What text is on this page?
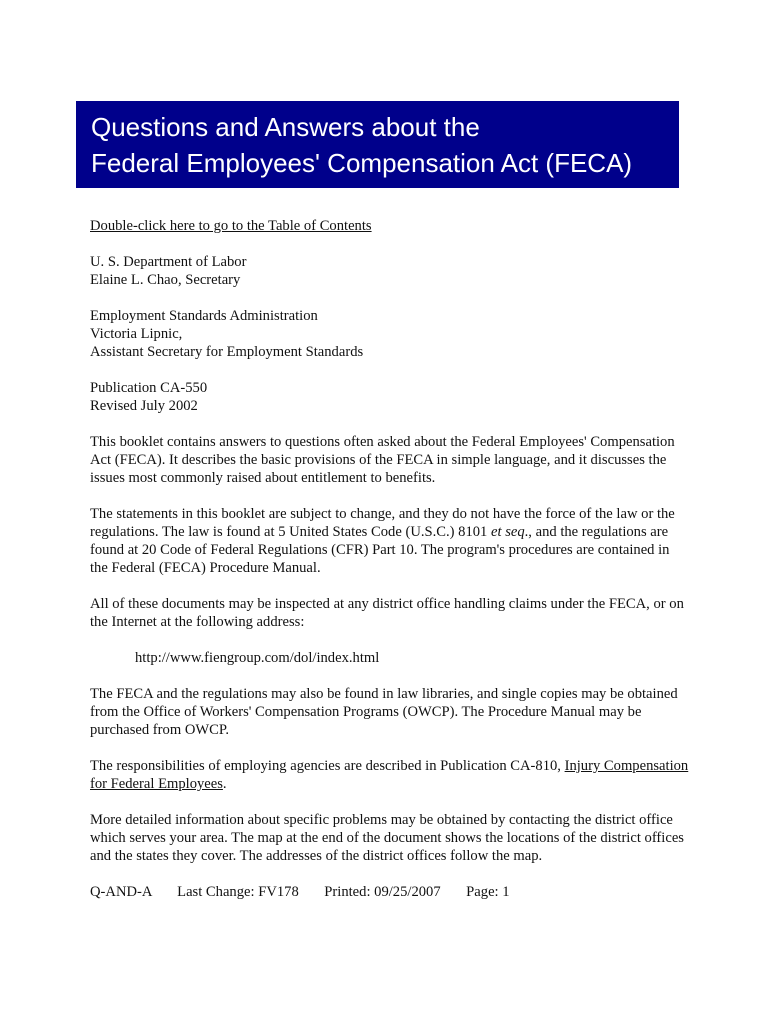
Questions and Answers about the
Federal Employees' Compensation Act (FECA)

Double-click here to go to the Table of Contents

U. S. Department of Labor
Elaine L. Chao, Secretary

Employment Standards Administration
Victoria Lipnic,
Assistant Secretary for Employment Standards

Publication CA-550
Revised July 2002

This booklet contains answers to questions often asked about the Federal Employees' Compensation Act (FECA). It describes the basic provisions of the FECA in simple language, and it discusses the issues most commonly raised about entitlement to benefits.

The statements in this booklet are subject to change, and they do not have the force of the law or the regulations. The law is found at 5 United States Code (U.S.C.) 8101 et seq., and the regulations are found at 20 Code of Federal Regulations (CFR) Part 10. The program's procedures are contained in the Federal (FECA) Procedure Manual.

All of these documents may be inspected at any district office handling claims under the FECA, or on the Internet at the following address:

http://www.fiengroup.com/dol/index.html

The FECA and the regulations may also be found in law libraries, and single copies may be obtained from the Office of Workers' Compensation Programs (OWCP). The Procedure Manual may be purchased from OWCP.

The responsibilities of employing agencies are described in Publication CA-810, Injury Compensation for Federal Employees.

More detailed information about specific problems may be obtained by contacting the district office which serves your area. The map at the end of the document shows the locations of the district offices and the states they cover. The addresses of the district offices follow the map.

Q-AND-A       Last Change: FV178       Printed: 09/25/2007       Page: 1
